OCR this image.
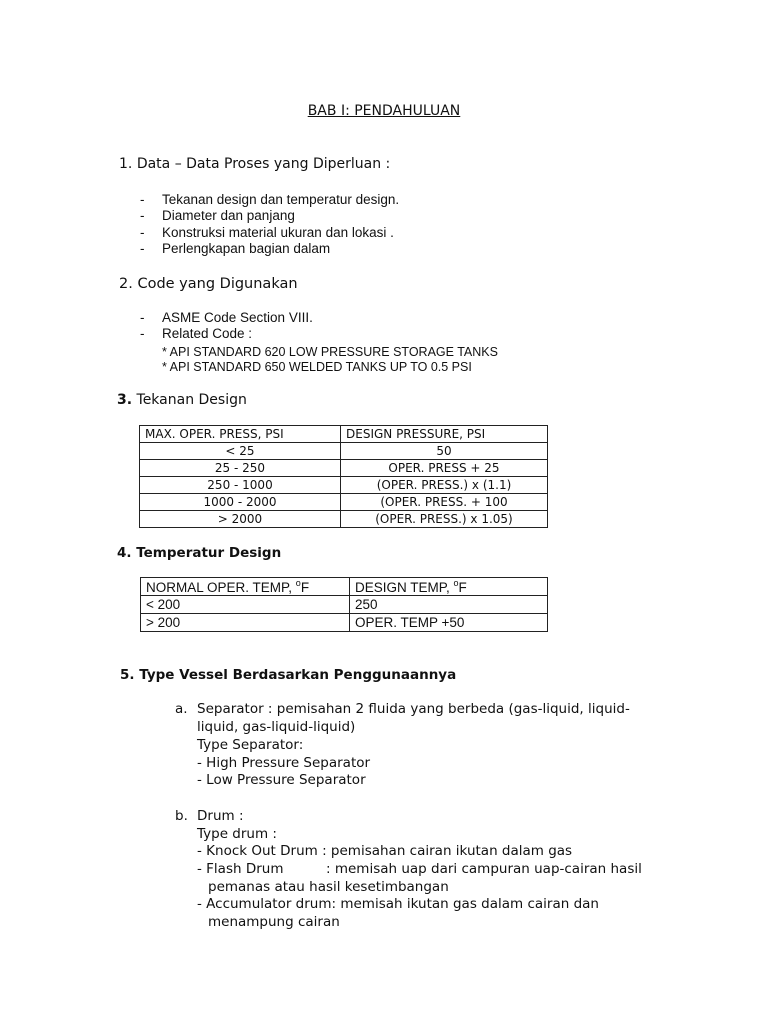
BAB I: PENDAHULUAN
1. Data – Data Proses yang Diperluan :
- Tekanan design dan temperatur design.
- Diameter dan panjang
- Konstruksi material ukuran dan lokasi .
- Perlengkapan bagian dalam
2. Code yang Digunakan
- ASME Code Section VIII.
- Related Code :
* API STANDARD 620 LOW PRESSURE STORAGE TANKS
* API STANDARD 650 WELDED TANKS UP TO 0.5 PSI
3. Tekanan Design
MAX. OPER. PRESS, PSI	DESIGN PRESSURE, PSI
< 25	50
25 - 250	OPER. PRESS + 25
250 - 1000	(OPER. PRESS.) x (1.1)
1000 - 2000	(OPER. PRESS. + 100
> 2000	(OPER. PRESS.) x 1.05)
4. Temperatur Design
NORMAL OPER. TEMP, $^o$F	DESIGN TEMP, $^o$F
< 200	250
> 200	OPER. TEMP +50
5. Type Vessel Berdasarkan Penggunaannya
a. Separator : pemisahan 2 fluida yang berbeda (gas-liquid, liquid-
liquid, gas-liquid-liquid)
Type Separator:
- High Pressure Separator
- Low Pressure Separator
b. Drum :
Type drum :
- Knock Out Drum : pemisahan cairan ikutan dalam gas
- Flash Drum	: memisah uap dari campuran uap-cairan hasil
pemanas atau hasil kesetimbangan
- Accumulator drum: memisah ikutan gas dalam cairan dan
menampung cairan
